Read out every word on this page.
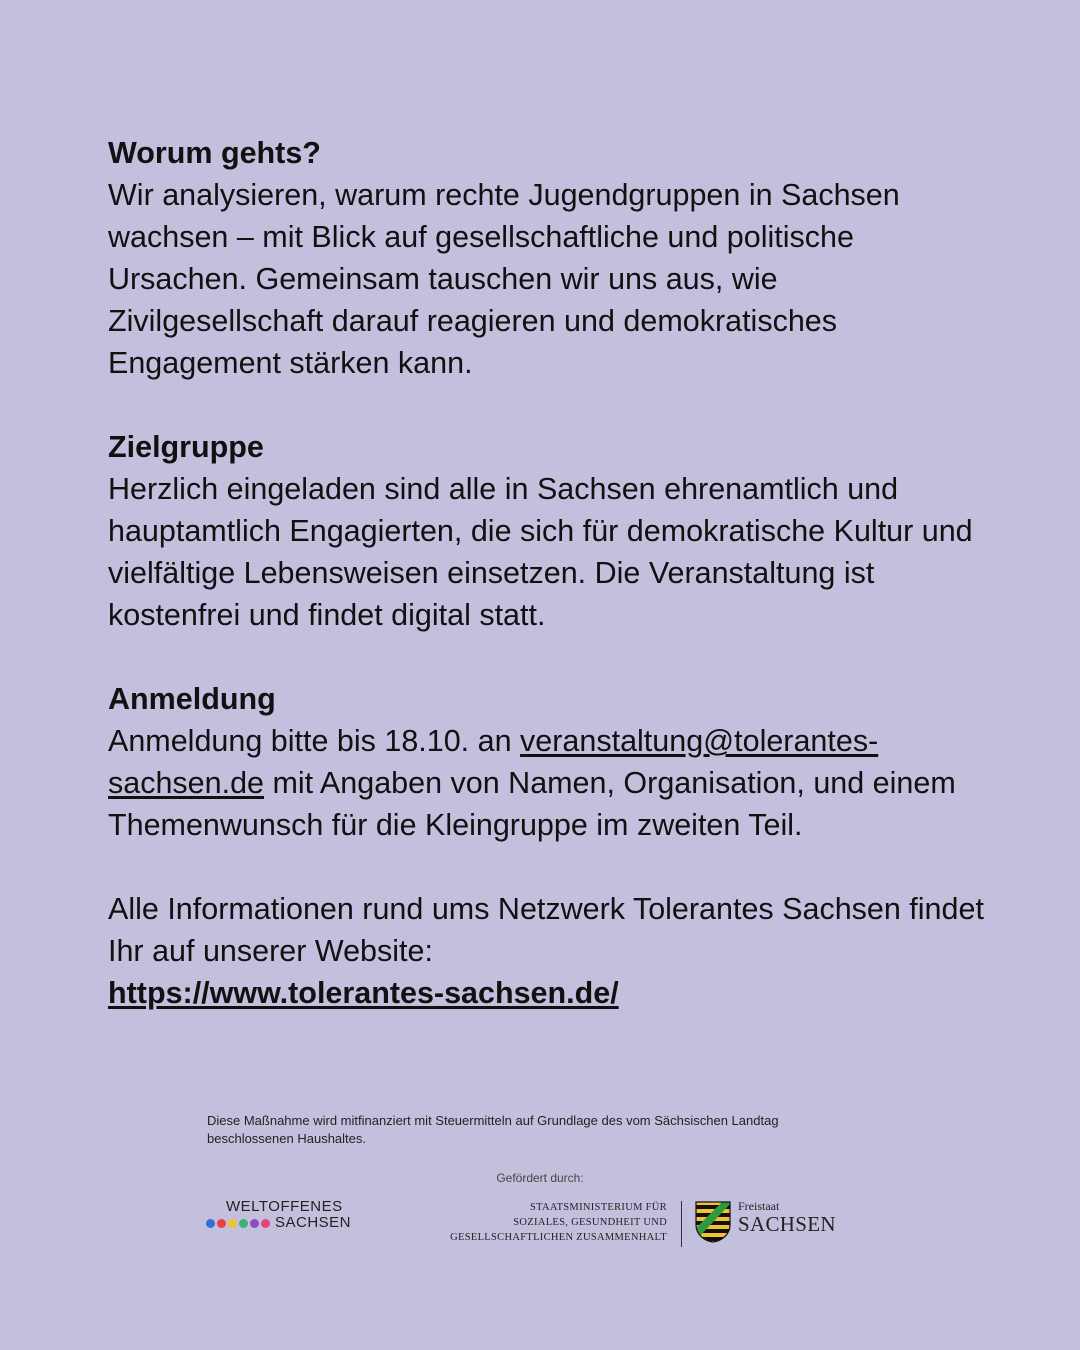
Worum gehts?
Wir analysieren, warum rechte Jugendgruppen in Sachsen wachsen – mit Blick auf gesellschaftliche und politische Ursachen. Gemeinsam tauschen wir uns aus, wie Zivilgesellschaft darauf reagieren und demokratisches Engagement stärken kann.
Zielgruppe
Herzlich eingeladen sind alle in Sachsen ehrenamtlich und hauptamtlich Engagierten, die sich für demokratische Kultur und vielfältige Lebensweisen einsetzen. Die Veranstaltung ist kostenfrei und findet digital statt.
Anmeldung
Anmeldung bitte bis 18.10. an veranstaltung@tolerantes-sachsen.de mit Angaben von Namen, Organisation, und einem Themenwunsch für die Kleingruppe im zweiten Teil.
Alle Informationen rund ums Netzwerk Tolerantes Sachsen findet Ihr auf unserer Website:
https://www.tolerantes-sachsen.de/
Diese Maßnahme wird mitfinanziert mit Steuermitteln auf Grundlage des vom Sächsischen Landtag beschlossenen Haushaltes.
Gefördert durch:
WELTOFFENES
SACHSEN
STAATSMINISTERIUM FÜR
SOZIALES, GESUNDHEIT UND
GESELLSCHAFTLICHEN ZUSAMMENHALT
Freistaat
SACHSEN
